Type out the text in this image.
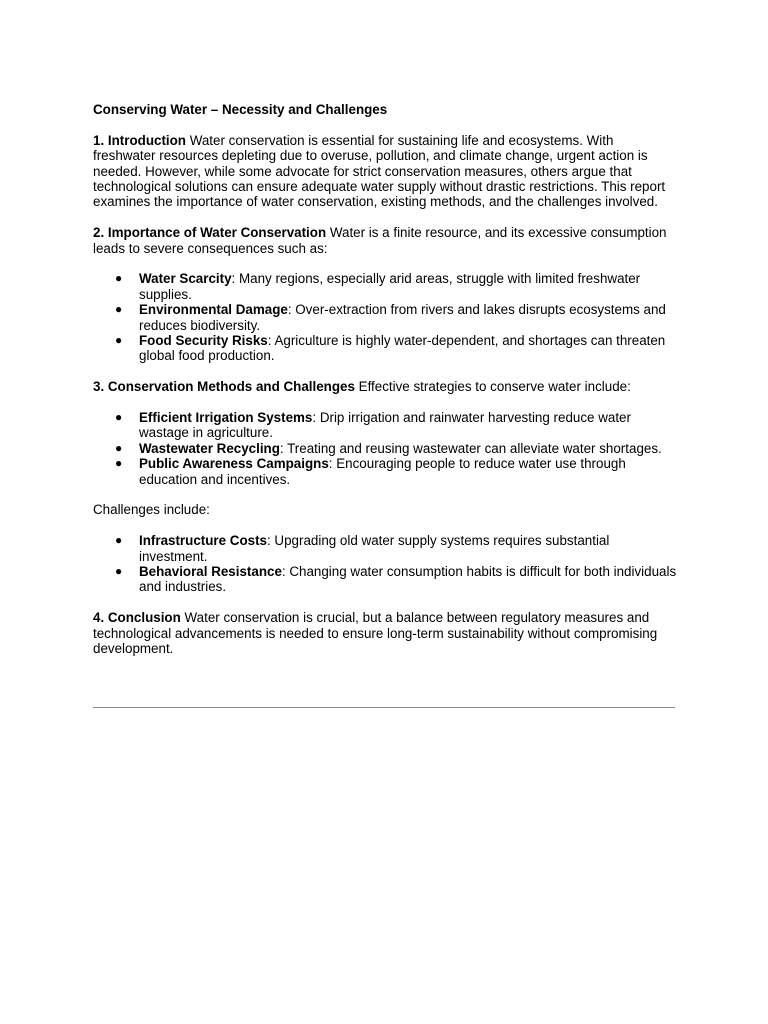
Conserving Water – Necessity and Challenges

1. Introduction Water conservation is essential for sustaining life and ecosystems. With freshwater resources depleting due to overuse, pollution, and climate change, urgent action is needed. However, while some advocate for strict conservation measures, others argue that technological solutions can ensure adequate water supply without drastic restrictions. This report examines the importance of water conservation, existing methods, and the challenges involved.

2. Importance of Water Conservation Water is a finite resource, and its excessive consumption leads to severe consequences such as:

● Water Scarcity: Many regions, especially arid areas, struggle with limited freshwater supplies.
● Environmental Damage: Over-extraction from rivers and lakes disrupts ecosystems and reduces biodiversity.
● Food Security Risks: Agriculture is highly water-dependent, and shortages can threaten global food production.

3. Conservation Methods and Challenges Effective strategies to conserve water include:

● Efficient Irrigation Systems: Drip irrigation and rainwater harvesting reduce water wastage in agriculture.
● Wastewater Recycling: Treating and reusing wastewater can alleviate water shortages.
● Public Awareness Campaigns: Encouraging people to reduce water use through education and incentives.

Challenges include:

● Infrastructure Costs: Upgrading old water supply systems requires substantial investment.
● Behavioral Resistance: Changing water consumption habits is difficult for both individuals and industries.

4. Conclusion Water conservation is crucial, but a balance between regulatory measures and technological advancements is needed to ensure long-term sustainability without compromising development.
